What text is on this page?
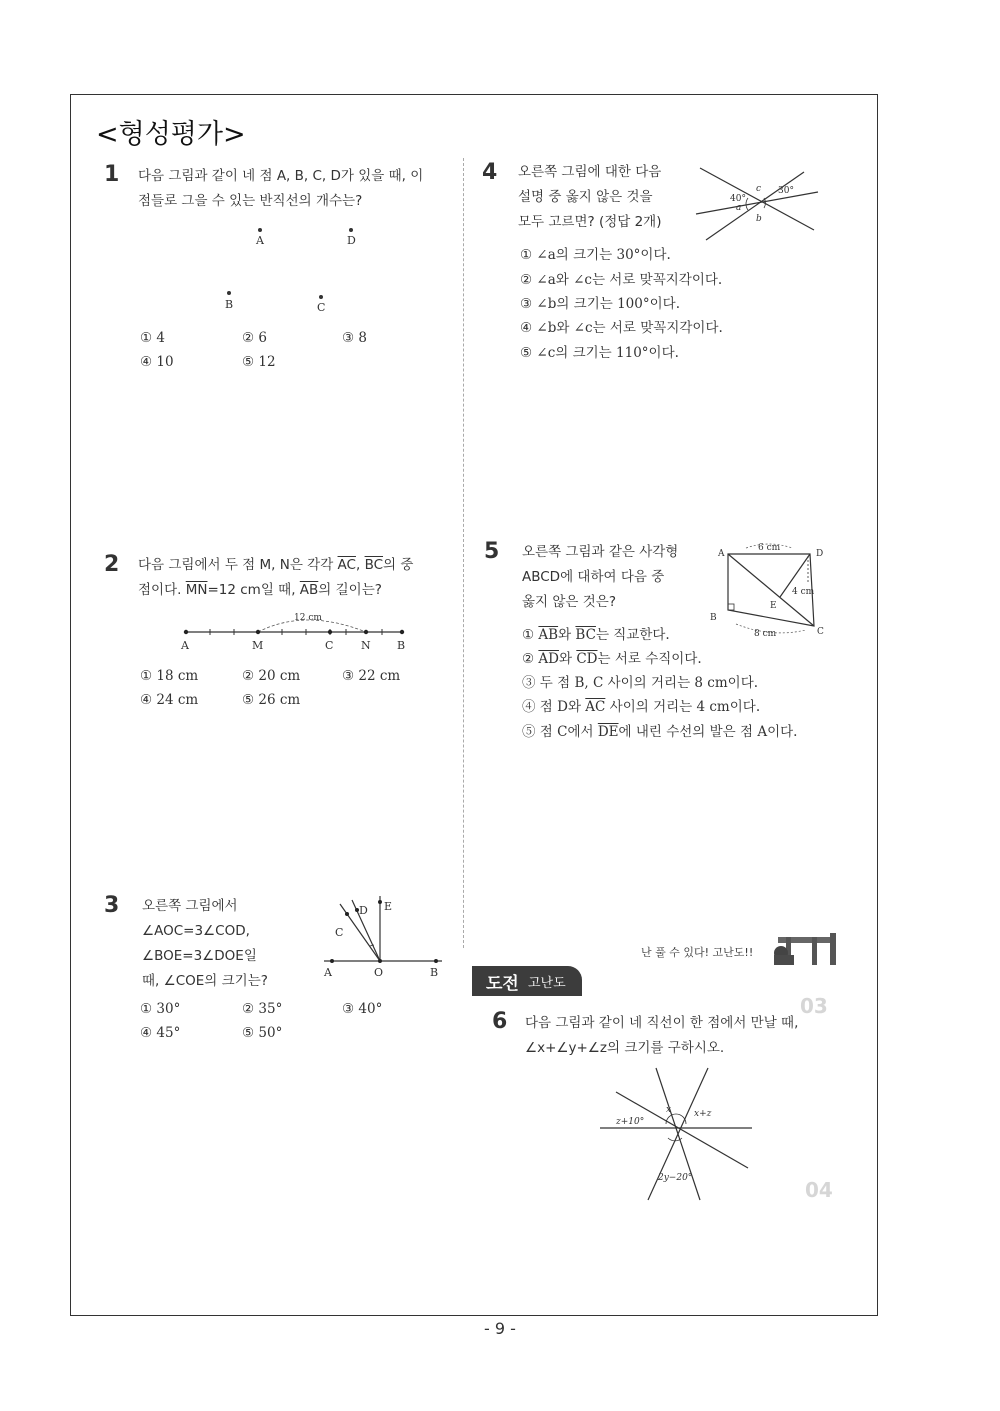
<형성평가>
1 다음 그림과 같이 네 점 A, B, C, D가 있을 때, 이
점들로 그을 수 있는 반직선의 개수는?
A	D
B	C
① 4	② 6	③ 8
④ 10	⑤ 12
2 다음 그림에서 두 점 M, N은 각각 $\overline{AC}$, $\overline{BC}$의 중
점이다. $\overline{MN}=12$ cm일 때, $\overline{AB}$의 길이는?
12 cm
A	M	C	N B
① 18 cm	② 20 cm	③ 22 cm
④ 24 cm	⑤ 26 cm
3 오른쪽 그림에서
∠AOC=3∠COD,
∠BOE=3∠DOE일
때, ∠COE의 크기는?
D E
C
A	O	B
① 30°	② 35°	③ 40°
④ 45°	⑤ 50°
4 오른쪽 그림에 대한 다음
설명 중 옳지 않은 것을
모두 고르면? (정답 2개)
40°
c 30°
a
b
① ∠a의 크기는 30°이다.
② ∠a와 ∠c는 서로 맞꼭지각이다.
③ ∠b의 크기는 100°이다.
④ ∠b와 ∠c는 서로 맞꼭지각이다.
⑤ ∠c의 크기는 110°이다.
5 오른쪽 그림과 같은 사각형
ABCD에 대하여 다음 중
옳지 않은 것은?
A
6 cm
D
4 cm
E
B
8 cm	C
① $\overline{AB}$와 $\overline{BC}$는 직교한다.
② $\overline{AD}$와 $\overline{CD}$는 서로 수직이다.
③ 두 점 B, C 사이의 거리는 8 cm이다.
④ 점 D와 $\overline{AC}$ 사이의 거리는 4 cm이다.
⑤ 점 C에서 $\overline{DE}$에 내린 수선의 발은 점 A이다.
난 풀 수 있다! 고난도!!
도전 고난도
03
04
6 다음 그림과 같이 네 직선이 한 점에서 만날 때,
∠x+∠y+∠z의 크기를 구하시오.
x	x+z
z+10°
2y−20°
- 9 -
